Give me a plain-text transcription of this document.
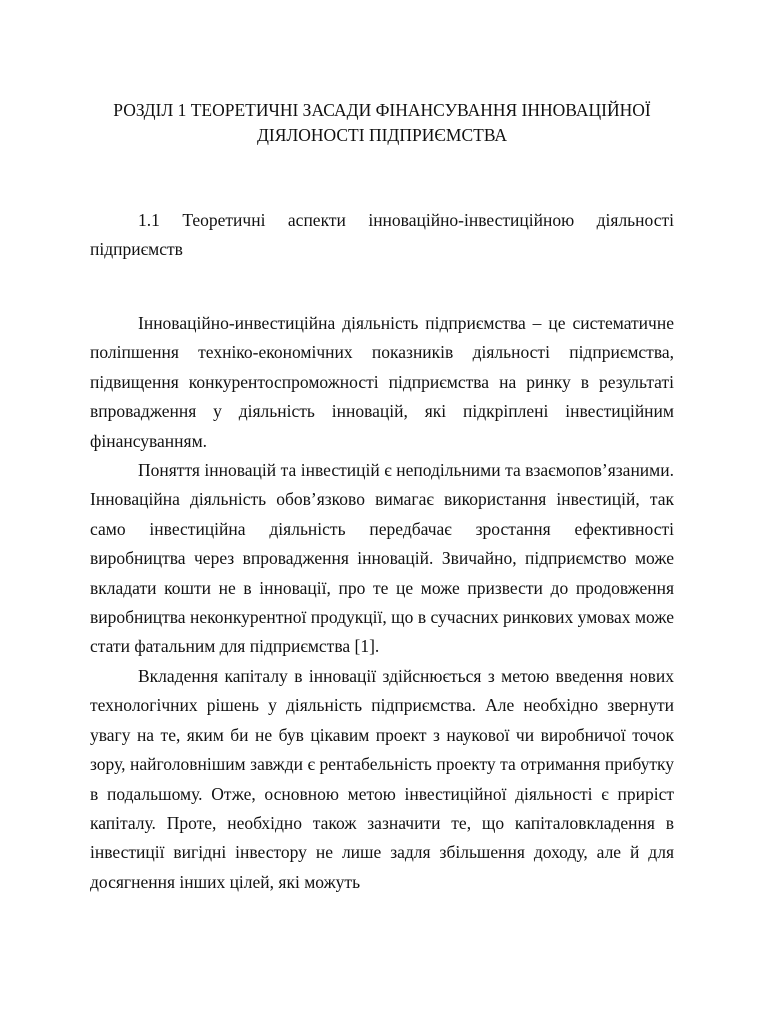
РОЗДІЛ 1 ТЕОРЕТИЧНІ ЗАСАДИ ФІНАНСУВАННЯ ІННОВАЦІЙНОЇ
ДІЯЛОНОСТІ ПІДПРИЄМСТВА
1.1 Теоретичні аспекти інноваційно-інвестиційною діяльності підприємств

Інноваційно-инвестиційна діяльність підприємства – це систематичне поліпшення техніко-економічних показників діяльності підприємства, підвищення конкурентоспроможності підприємства на ринку в результаті впровадження у діяльність інновацій, які підкріплені інвестиційним фінансуванням.

Поняття інновацій та інвестицій є неподільними та взаємопов’язаними. Інноваційна діяльність обов’язково вимагає використання інвестицій, так само інвестиційна діяльність передбачає зростання ефективності виробництва через впровадження інновацій. Звичайно, підприємство може вкладати кошти не в інновації, про те це може призвести до продовження виробництва неконкурентної продукції, що в сучасних ринкових умовах може стати фатальним для підприємства [1].

Вкладення капіталу в інновації здійснюється з метою введення нових технологічних рішень у діяльність підприємства. Але необхідно звернути увагу на те, яким би не був цікавим проект з наукової чи виробничої точок зору, найголовнішим завжди є рентабельність проекту та отримання прибутку в подальшому. Отже, основною метою інвестиційної діяльності є приріст капіталу. Проте, необхідно також зазначити те, що капіталовкладення в інвестиції вигідні інвестору не лише задля збільшення доходу, але й для досягнення інших цілей, які можуть
